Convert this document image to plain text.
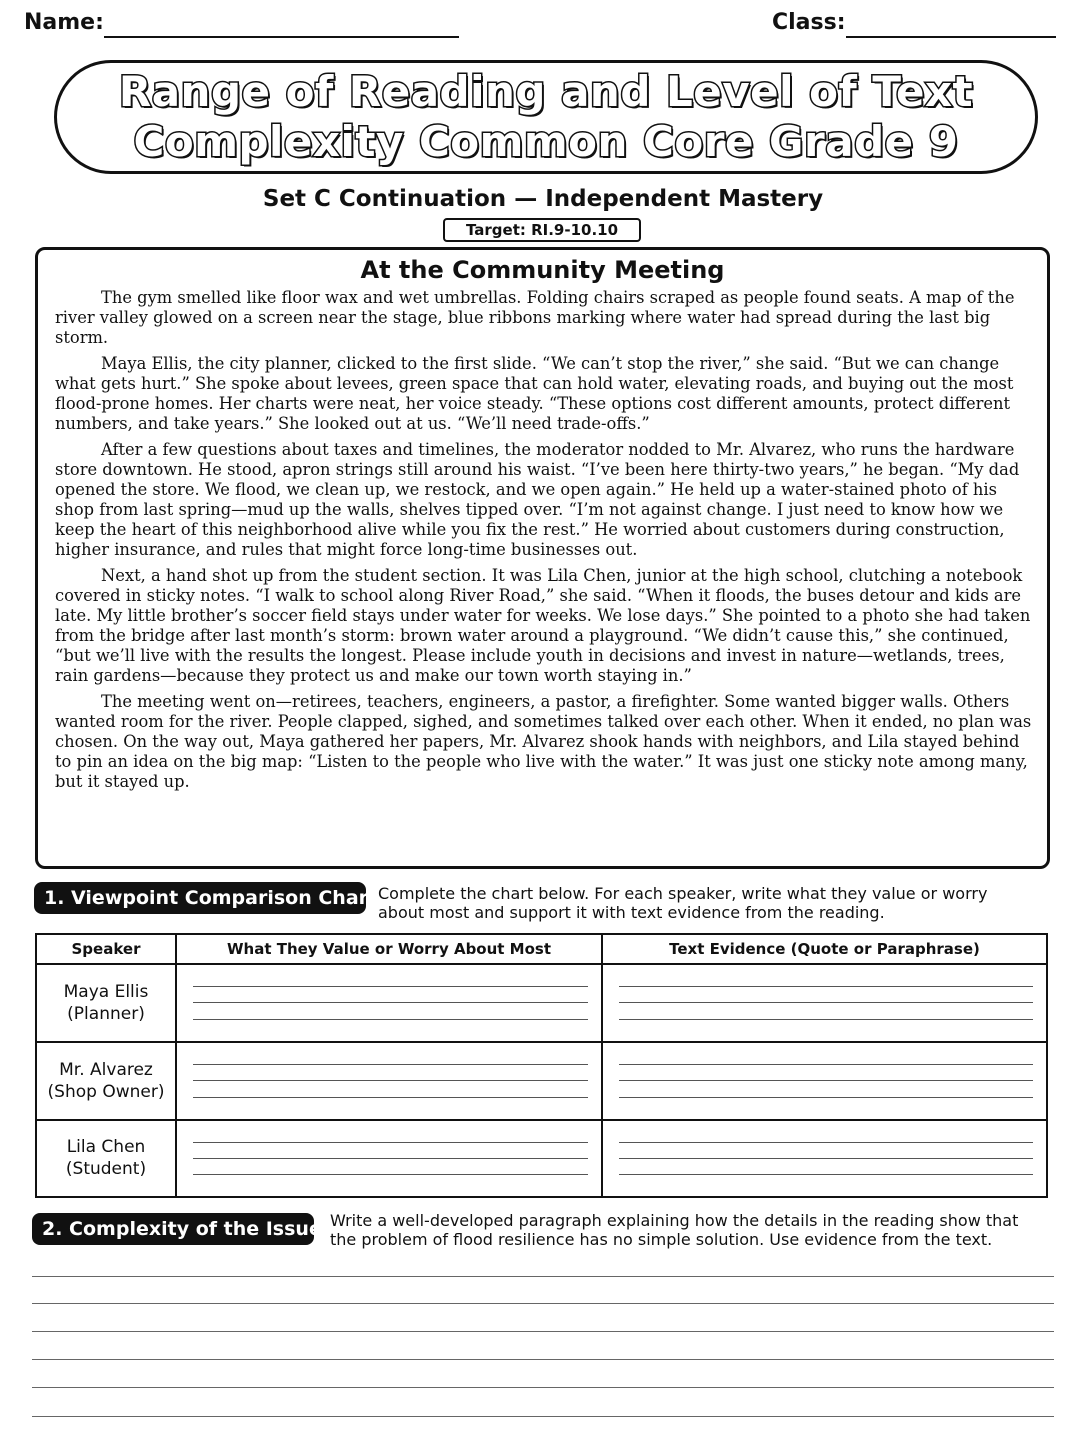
Name:	Class:
Range of Reading and Level of Text
Complexity Common Core Grade 9
Set C Continuation — Independent Mastery
Target: RI.9-10.10
At the Community Meeting

The gym smelled like floor wax and wet umbrellas. Folding chairs scraped as people found seats. A map of the river valley glowed on a screen near the stage, blue ribbons marking where water had spread during the last big storm.

Maya Ellis, the city planner, clicked to the first slide. “We can’t stop the river,” she said. “But we can change what gets hurt.” She spoke about levees, green space that can hold water, elevating roads, and buying out the most flood-prone homes. Her charts were neat, her voice steady. “These options cost different amounts, protect different numbers, and take years.” She looked out at us. “We’ll need trade-offs.”

After a few questions about taxes and timelines, the moderator nodded to Mr. Alvarez, who runs the hardware store downtown. He stood, apron strings still around his waist. “I’ve been here thirty-two years,” he began. “My dad opened the store. We flood, we clean up, we restock, and we open again.” He held up a water-stained photo of his shop from last spring—mud up the walls, shelves tipped over. “I’m not against change. I just need to know how we keep the heart of this neighborhood alive while you fix the rest.” He worried about customers during construction, higher insurance, and rules that might force long-time businesses out.

Next, a hand shot up from the student section. It was Lila Chen, junior at the high school, clutching a notebook covered in sticky notes. “I walk to school along River Road,” she said. “When it floods, the buses detour and kids are late. My little brother’s soccer field stays under water for weeks. We lose days.” She pointed to a photo she had taken from the bridge after last month’s storm: brown water around a playground. “We didn’t cause this,” she continued, “but we’ll live with the results the longest. Please include youth in decisions and invest in nature—wetlands, trees, rain gardens—because they protect us and make our town worth staying in.”

The meeting went on—retirees, teachers, engineers, a pastor, a firefighter. Some wanted bigger walls. Others wanted room for the river. People clapped, sighed, and sometimes talked over each other. When it ended, no plan was chosen. On the way out, Maya gathered her papers, Mr. Alvarez shook hands with neighbors, and Lila stayed behind to pin an idea on the big map: “Listen to the people who live with the water.” It was just one sticky note among many, but it stayed up.

1. Viewpoint Comparison Chart Complete the chart below. For each speaker, write what they value or worry about most and support it with text evidence from the reading.
Speaker	What They Value or Worry About Most	Text Evidence (Quote or Paraphrase)

Maya Ellis
(Planner)		

Mr. Alvarez
(Shop Owner)		

Lila Chen
(Student)		

2. Complexity of the Issue Write a well-developed paragraph explaining how the details in the reading show that the problem of flood resilience has no simple solution. Use evidence from the text.
